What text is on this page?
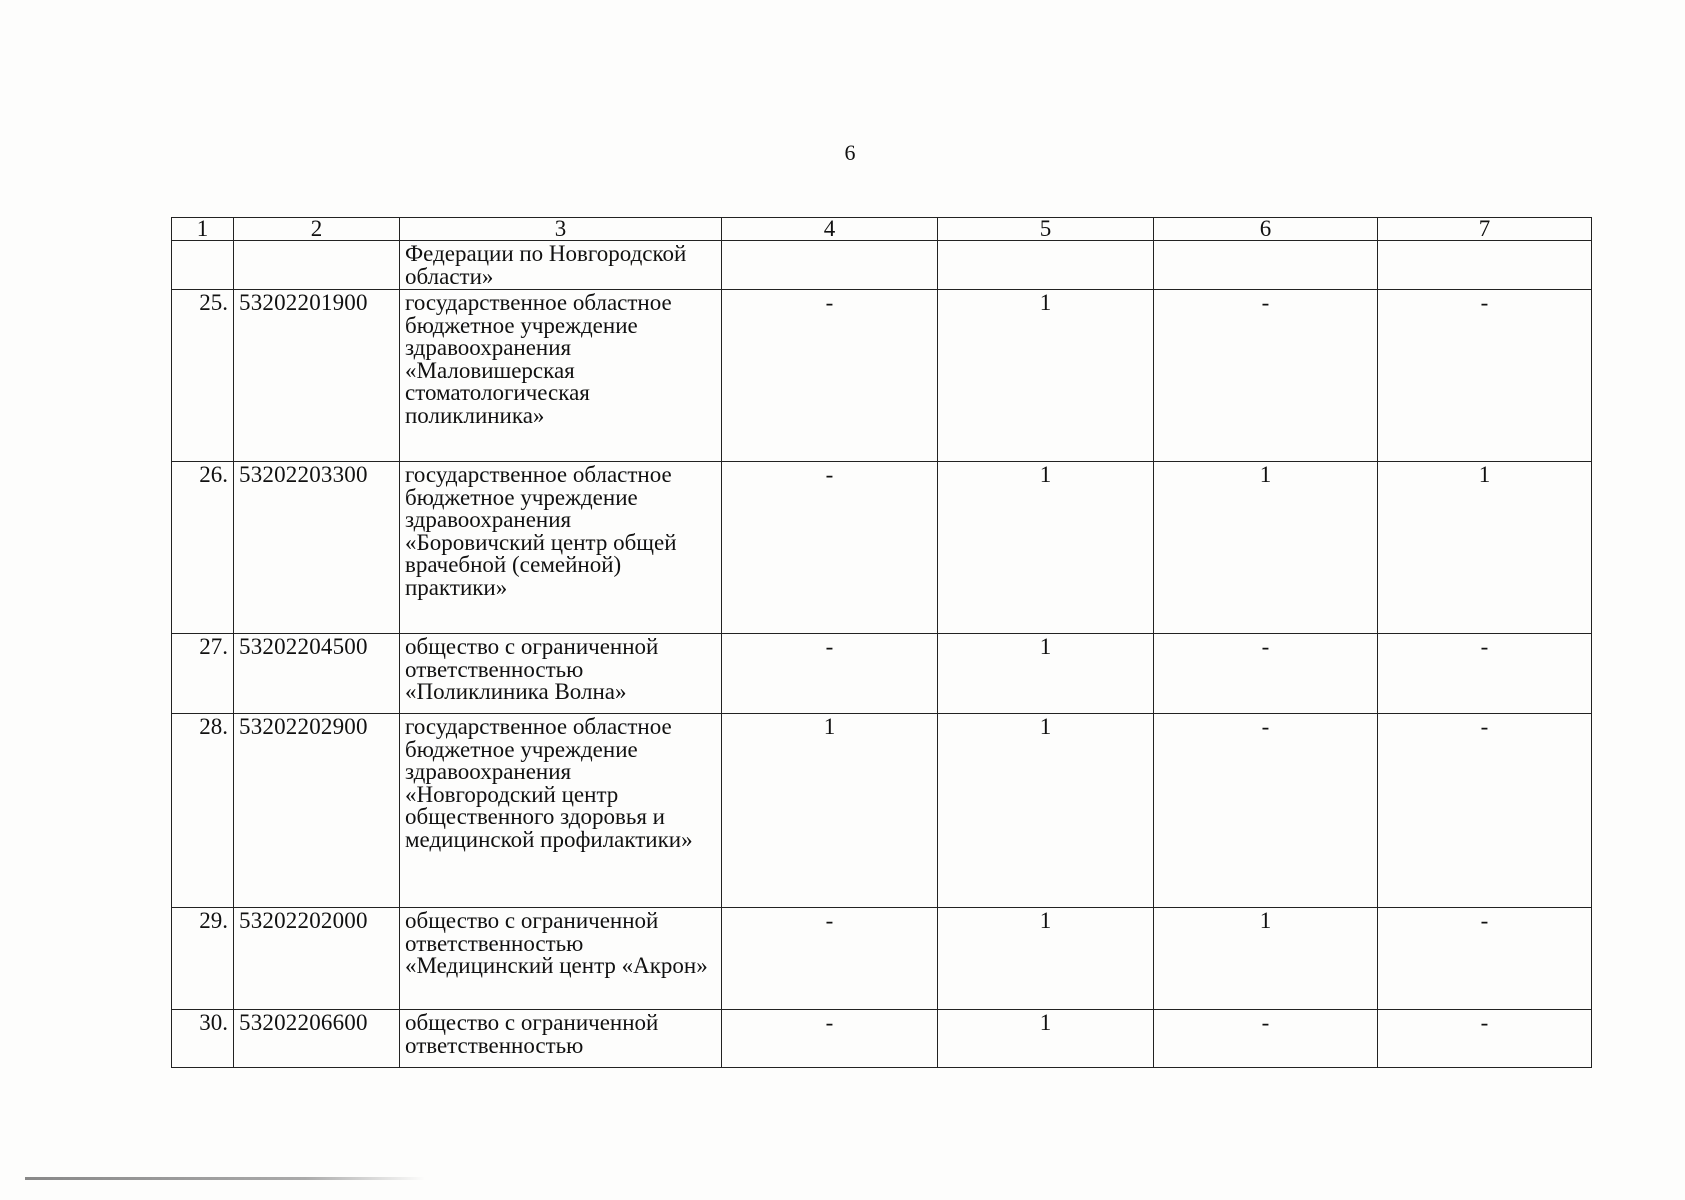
6
1	2	3	4	5	6	7
		Федерации по Новгородской области»				
25.	53202201900	государственное областное бюджетное учреждение здравоохранения «Маловишерская стоматологическая поликлиника»	-	1	-	-
26.	53202203300	государственное областное бюджетное учреждение здравоохранения «Боровичский центр общей врачебной (семейной) практики»	-	1	1	1
27.	53202204500	общество с ограниченной ответственностью «Поликлиника Волна»	-	1	-	-
28.	53202202900	государственное областное бюджетное учреждение здравоохранения «Новгородский центр общественного здоровья и медицинской профилактики»	1	1	-	-
29.	53202202000	общество с ограниченной ответственностью «Медицинский центр «Акрон»	-	1	1	-
30.	53202206600	общество с ограниченной ответственностью	-	1	-	-
